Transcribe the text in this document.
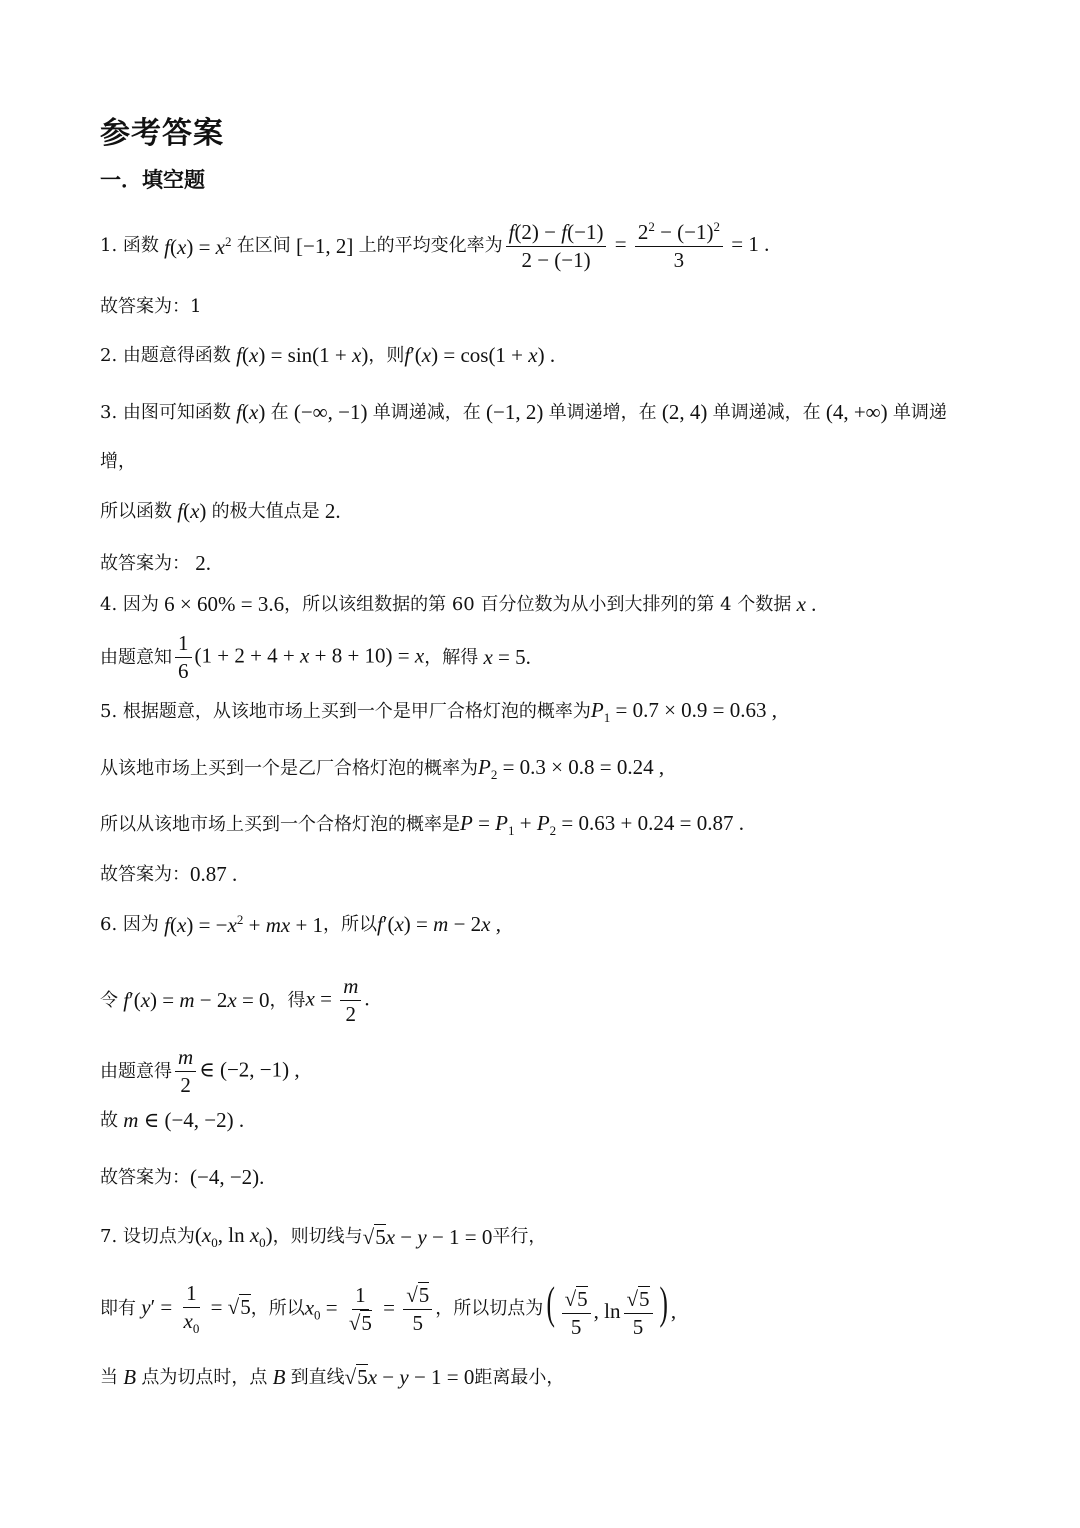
参考答案
一．填空题
1. 函数 $f(x) = x^2$ 在区间 [−1, 2] 上的平均变化率为 $\frac{f(2) - f(-1)}{2 - (-1)} = \frac{2^2 - (-1)^2}{3} = 1$ .
故答案为：1
2. 由题意得函数 f(x) = sin(1 + x) ，则 f′(x) = cos(1 + x) .
3. 由图可知函数 f(x) 在 (−∞, −1) 单调递减，在 (−1, 2) 单调递增，在 (2, 4) 单调递减，在 (4, +∞) 单调递
增，
所以函数 f(x) 的极大值点是 2.
故答案为： 2.
4. 因为 6 × 60% = 3.6 ，所以该组数据的第 60 百分位数为从小到大排列的第 4 个数据 x .
由题意知 $\frac{1}{6} (1 + 2 + 4 + x + 8 + 10) = x$ ，解得 x = 5.
5. 根据题意，从该地市场上买到一个是甲厂合格灯泡的概率为 $P_1 = 0.7 \times 0.9 = 0.63$ ,
从该地市场上买到一个是乙厂合格灯泡的概率为 $P_2 = 0.3 \times 0.8 = 0.24$ ,
所以从该地市场上买到一个合格灯泡的概率是 $P = P_1 + P_2 = 0.63 + 0.24 = 0.87$ .
故答案为： 0.87 .
6. 因为 $f(x) = -x^2$ + mx + 1 ，所以 f′(x) = m − 2x ,
令 f′(x) = m − 2x = 0 ，得 $x = \frac{m}{2}$ .
由题意得 $\frac{m}{2}$ ∈ (−2, −1) ,
故 m ∈ (−4, −2) .
故答案为： (−4, −2).
7. 设切点为 ($x_0$, $\ln x_0$) ，则切线与 √5x − y − 1 = 0 平行，
即有 $y' = \frac{1}{x_0} = √5$ ，所以 $x_0 = \frac{1}{√5} = \frac{√5}{5}$ ，所以切点为 ( $\frac{√5}{5}$ , $\ln \frac{√5}{5}$ ) ,
当 B 点为切点时，点 B 到直线 √5x − y − 1 = 0 距离最小，
